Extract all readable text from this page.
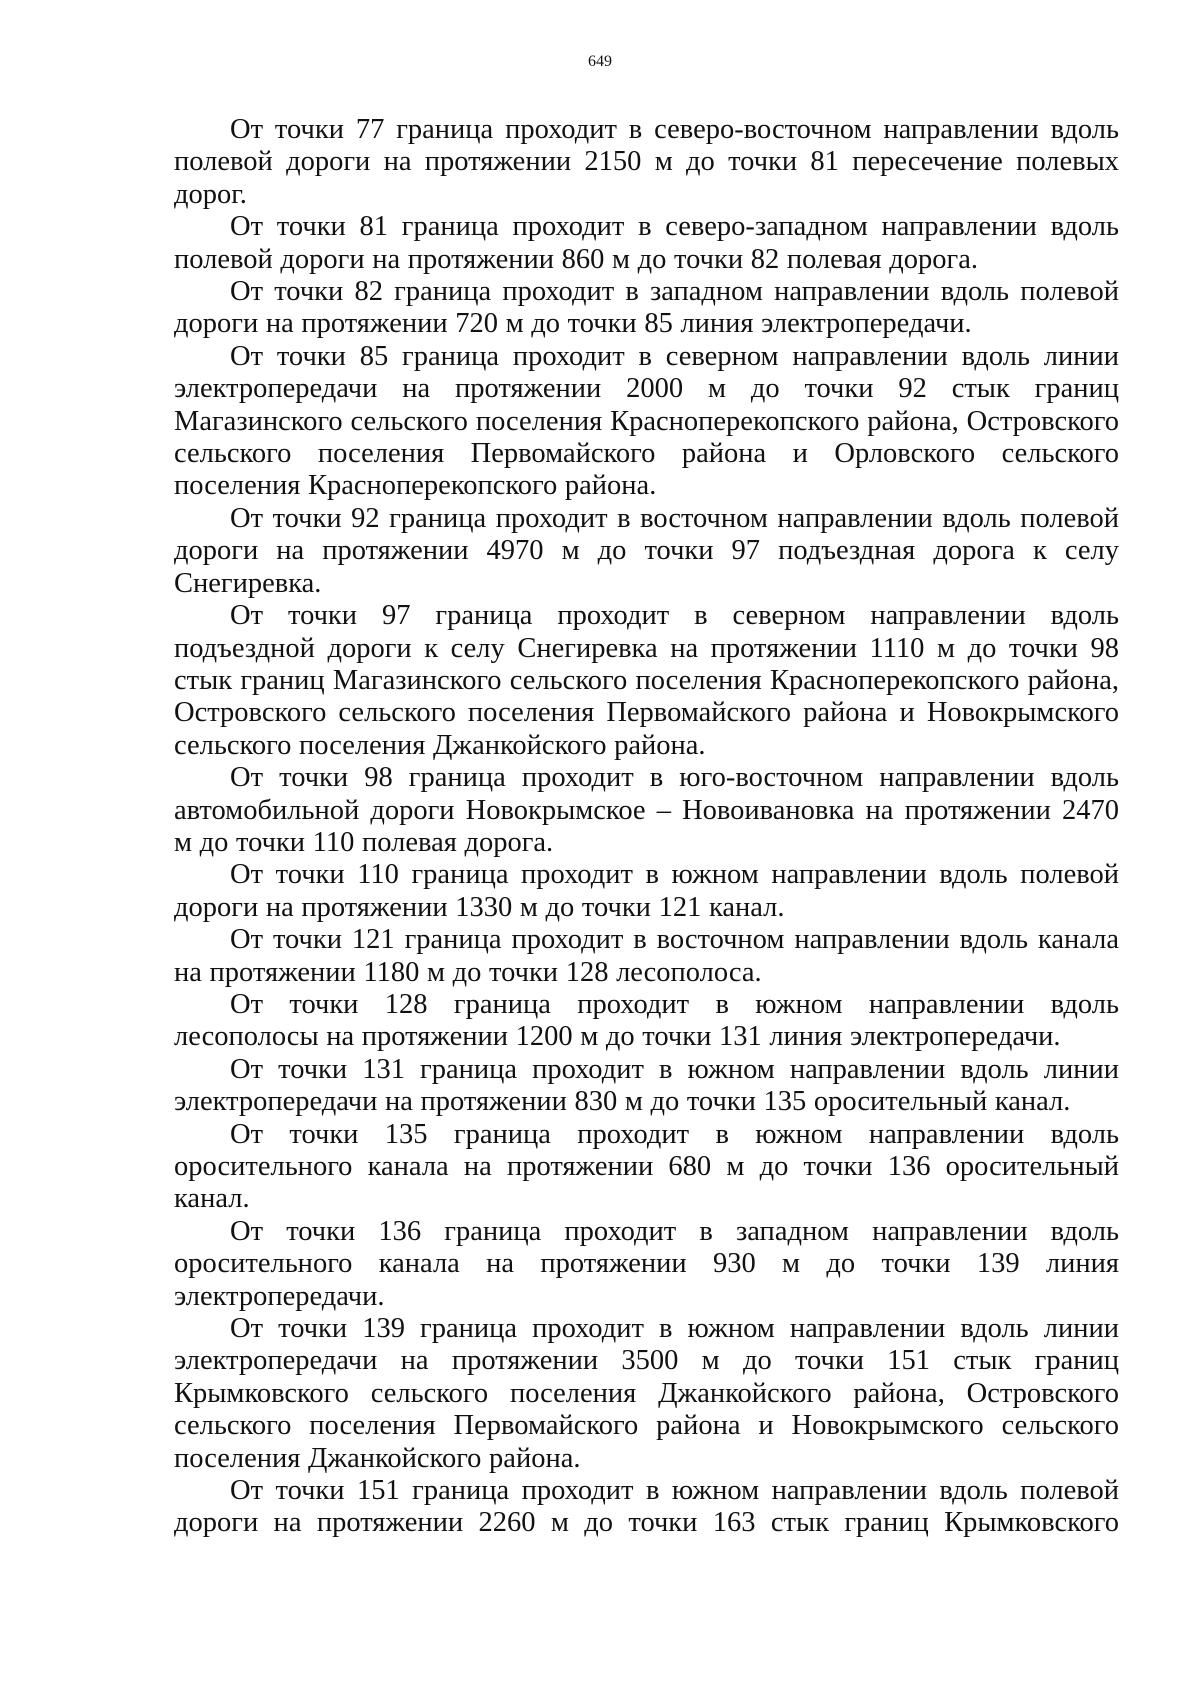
649

От точки 77 граница проходит в северо-восточном направлении вдоль полевой дороги на протяжении 2150 м до точки 81 пересечение полевых дорог.

От точки 81 граница проходит в северо-западном направлении вдоль полевой дороги на протяжении 860 м до точки 82 полевая дорога.

От точки 82 граница проходит в западном направлении вдоль полевой дороги на протяжении 720 м до точки 85 линия электропередачи.

От точки 85 граница проходит в северном направлении вдоль линии электропередачи на протяжении 2000 м до точки 92 стык границ Магазинского сельского поселения Красноперекопского района, Островского сельского поселения Первомайского района и Орловского сельского поселения Красноперекопского района.

От точки 92 граница проходит в восточном направлении вдоль полевой дороги на протяжении 4970 м до точки 97 подъездная дорога к селу Снегиревка.

От точки 97 граница проходит в северном направлении вдоль подъездной дороги к селу Снегиревка на протяжении 1110 м до точки 98 стык границ Магазинского сельского поселения Красноперекопского района, Островского сельского поселения Первомайского района и Новокрымского сельского поселения Джанкойского района.

От точки 98 граница проходит в юго-восточном направлении вдоль автомобильной дороги Новокрымское – Новоивановка на протяжении 2470 м до точки 110 полевая дорога.

От точки 110 граница проходит в южном направлении вдоль полевой дороги на протяжении 1330 м до точки 121 канал.

От точки 121 граница проходит в восточном направлении вдоль канала на протяжении 1180 м до точки 128 лесополоса.

От точки 128 граница проходит в южном направлении вдоль лесополосы на протяжении 1200 м до точки 131 линия электропередачи.

От точки 131 граница проходит в южном направлении вдоль линии электропередачи на протяжении 830 м до точки 135 оросительный канал.

От точки 135 граница проходит в южном направлении вдоль оросительного канала на протяжении 680 м до точки 136 оросительный канал.

От точки 136 граница проходит в западном направлении вдоль оросительного канала на протяжении 930 м до точки 139 линия электропередачи.

От точки 139 граница проходит в южном направлении вдоль линии электропередачи на протяжении 3500 м до точки 151 стык границ Крымковского сельского поселения Джанкойского района, Островского сельского поселения Первомайского района и Новокрымского сельского поселения Джанкойского района.

От точки 151 граница проходит в южном направлении вдоль полевой дороги на протяжении 2260 м до точки 163 стык границ Крымковского
